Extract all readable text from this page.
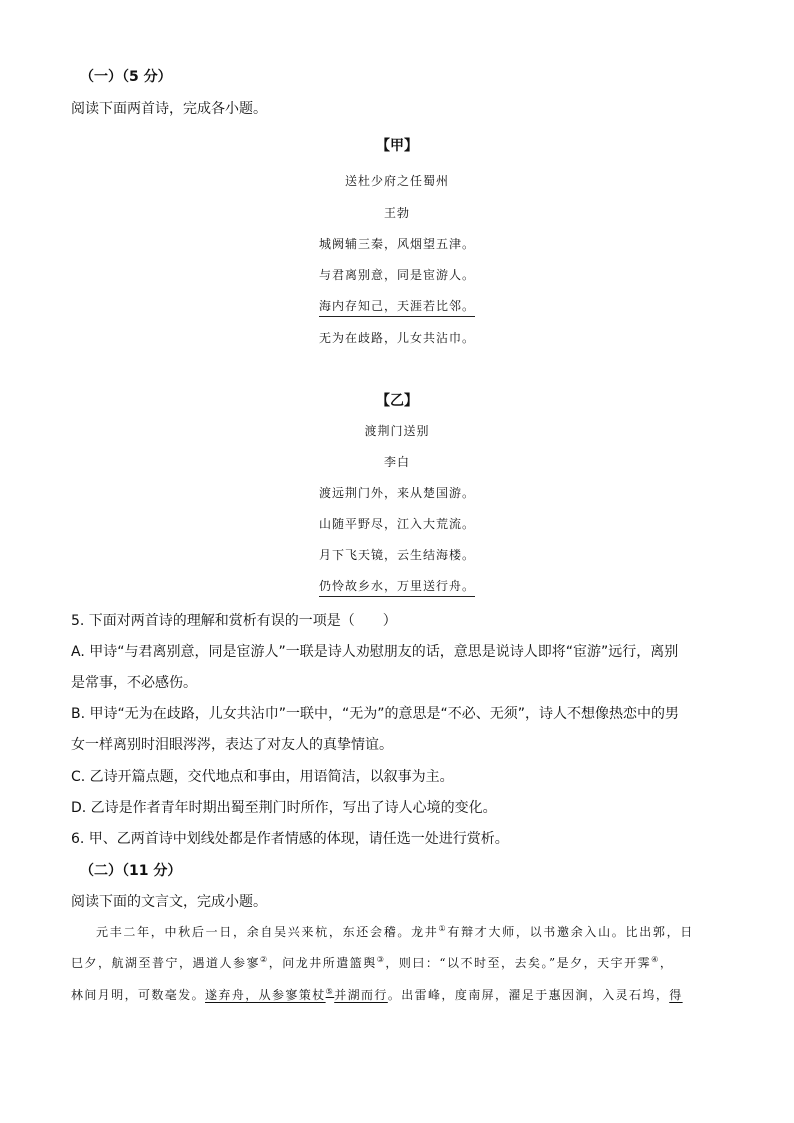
（一）（5 分）
阅读下面两首诗，完成各小题。
【甲】
送杜少府之任蜀州
王勃
城阙辅三秦，风烟望五津。
与君离别意，同是宦游人。
海内存知己，天涯若比邻。
无为在歧路，儿女共沾巾。
【乙】
渡荆门送别
李白
渡远荆门外，来从楚国游。
山随平野尽，江入大荒流。
月下飞天镜，云生结海楼。
仍怜故乡水，万里送行舟。
5. 下面对两首诗的理解和赏析有误的一项是（　　）
A. 甲诗“与君离别意，同是宦游人”一联是诗人劝慰朋友的话，意思是说诗人即将“宦游”远行，离别
是常事，不必感伤。
B. 甲诗“无为在歧路，儿女共沾巾”一联中，“无为”的意思是“不必、无须”，诗人不想像热恋中的男
女一样离别时泪眼涔涔，表达了对友人的真挚情谊。
C. 乙诗开篇点题，交代地点和事由，用语简洁，以叙事为主。
D. 乙诗是作者青年时期出蜀至荆门时所作，写出了诗人心境的变化。
6. 甲、乙两首诗中划线处都是作者情感的体现，请任选一处进行赏析。
（二）（11 分）
阅读下面的文言文，完成小题。
元丰二年，中秋后一日，余自吴兴来杭，东还会稽。龙井①有辩才大师，以书邀余入山。比出郭，日
巳夕，航湖至普宁，遇道人参寥②，问龙井所遣篮舆③，则曰：“以不时至，去矣。”是夕，天宇开霁④，
林间月明，可数毫发。遂弃舟，从参寥策杖⑤并湖而行。出雷峰，度南屏，濯足于惠因涧，入灵石坞，得
